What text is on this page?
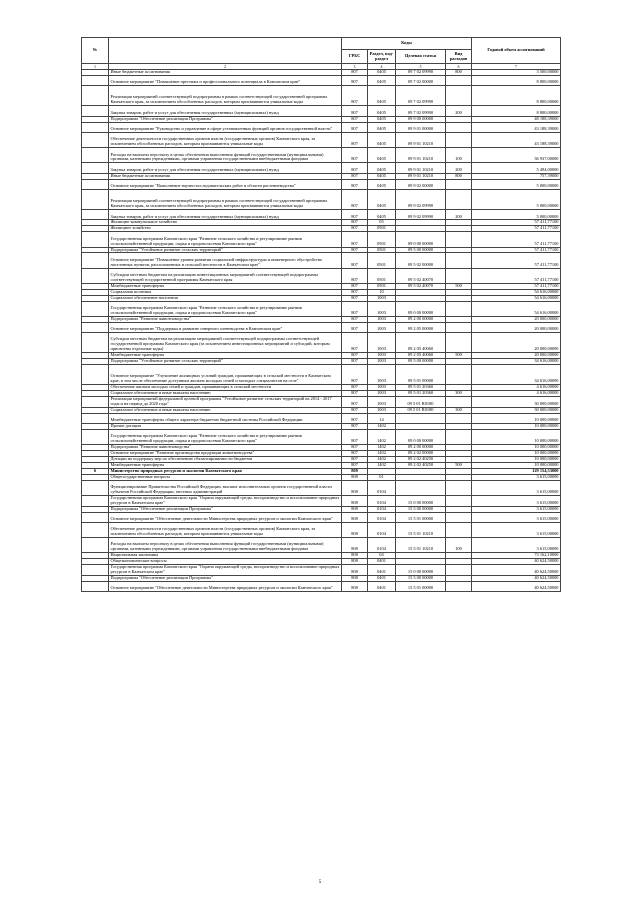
№		Коды				Годовой объем ассигнований
		ГРБС	Раздел, под-раздел	Целевая статья	Вид расходов	
1	2	3	4	5	6	7
	Иные бюджетные ассигнования	807	0405	09 7 02 09990	800	3 500,00000
	Основное мероприятие "Повышение престижа и профессионального потенциала в Камчатском крае"	807	0405	09 7 02 00000		8 800,00000
	Реализация мероприятий соответствующей подпрограммы в рамках соответствующей государственной программы Камчатского края, за исключением обособленных расходов, которым присваиваются уникальные коды	807	0405	09 7 02 09990		8 800,00000
	Закупка товаров, работ и услуг для обеспечения государственных (муниципальных) нужд	807	0405	09 7 02 09990	200	8 800,00000
	Подпрограмма "Обеспечение реализации Программы"	807	0405	09 9 00 00000		48 188,39000
	Основное мероприятие "Руководство и управление в сфере установленных функций органов государственной власти"	807	0405	09 9 01 00000		43 188,39000
	Обеспечение деятельности государственных органов власти (государственных органов) Камчатского края, за исключением обособленных расходов, которым присваиваются уникальные коды	807	0405	09 9 01 10210		43 188,39000
	Расходы на выплаты персоналу в целях обеспечения выполнения функций государственными (муниципальными) органами, казенными учреждениями, органами управления государственными внебюджетными фондами	807	0405	09 9 01 10210	100	36 937,00000
	Закупка товаров, работ и услуг для обеспечения государственных (муниципальных) нужд	807	0405	09 9 01 10210	200	5 494,00000
	Иные бюджетные ассигнования	807	0405	09 9 01 10210	800	757,39000
	Основное мероприятие "Выполнение научно-исследовательских работ в области растениеводства"	807	0405	09 9 02 00000		5 000,00000
	Реализация мероприятий соответствующей подпрограммы в рамках соответствующей государственной программы Камчатского края, за исключением обособленных расходов, которым присваиваются уникальные коды	807	0405	09 9 02 09990		5 000,00000
	Закупка товаров, работ и услуг для обеспечения государственных (муниципальных) нужд	807	0405	09 9 02 09990	200	5 000,00000
	Жилищно-коммунальное хозяйство	807	05			57 411,77100
	Жилищное хозяйство	807	0501			57 411,77100
	Государственная программа Камчатского края "Развитие сельского хозяйства и регулирование рынков сельскохозяйственной продукции, сырья и продовольствия Камчатского края"	807	0501	09 0 00 00000		57 411,77100
	Подпрограмма "Устойчивое развитие сельских территорий"	807	0501	09 5 00 00000		57 411,77100
	Основное мероприятие "Повышение уровня развития социальной инфраструктуры и инженерного обустройства населенных пунктов, расположенных в сельской местности в Камчатском крае"	807	0501	09 5 02 00000		57 411,77100
	Субсидии местным бюджетам на реализацию инвестиционных мероприятий соответствующей подпрограммы соответствующей государственной программы Камчатского края	807	0501	09 5 02 40070		57 411,77100
	Межбюджетные трансферты	807	0501	09 5 02 40070	500	57 411,77100
	Социальная политика	807	10			54 616,00000
	Социальное обеспечение населения	807	1003			54 616,00000
	Государственная программа Камчатского края "Развитие сельского хозяйства и регулирование рынков сельскохозяйственной продукции, сырья и продовольствия Камчатского края"	807	1003	09 0 00 00000		54 616,00000
	Подпрограмма "Развитие животноводства"	807	1003	09 2 00 00000		20 000,00000
	Основное мероприятие "Поддержка и развитие северного оленеводства в Камчатском крае"	807	1003	09 2 05 00000		20 000,00000
	Субсидии местным бюджетам на реализацию мероприятий соответствующей подпрограммы соответствующей государственной программы Камчатского края (за исключением инвестиционных мероприятий и субсидий, которым присвоены отдельные коды)	807	1003	09 2 05 40060		20 000,00000
	Межбюджетные трансферты	807	1003	09 2 05 40060	500	20 000,00000
	Подпрограмма "Устойчивое развитие сельских территорий"	807	1003	09 5 00 00000		34 616,00000
	Основное мероприятие "Улучшение жилищных условий граждан, проживающих в сельской местности в Камчатском крае, в том числе обеспечение доступным жильем молодых семей и молодых специалистов на селе"	807	1003	09 5 01 00000		34 616,00000
	Обеспечение жильем молодых семей и граждан, проживающих в сельской местности	807	1003	09 5 01 20360		4 616,00000
	Социальное обеспечение и иные выплаты населению	807	1003	09 5 01 20360	300	4 616,00000
	Реализация мероприятий федеральной целевой программы "Устойчивое развитие сельских территорий на 2014 - 2017 годы и на период до 2020 года"	807	1003	09 5 01 R0180		30 000,00000
	Социальное обеспечение и иные выплаты населению	807	1003	09 5 01 R0180	300	30 000,00000
	Межбюджетные трансферты общего характера бюджетам бюджетной системы Российской Федерации	807	14			10 000,00000
	Прочие дотации	807	1402			10 000,00000
	Государственная программа Камчатского края "Развитие сельского хозяйства и регулирование рынков сельскохозяйственной продукции, сырья и продовольствия Камчатского края"	807	1402	09 0 00 00000		10 000,00000
	Подпрограмма "Развитие животноводства"	807	1402	09 2 00 00000		10 000,00000
	Основное мероприятие "Развитие производства продукции животноводства"	807	1402	09 2 02 00000		10 000,00000
	Дотации на поддержку мер по обеспечению сбалансированности бюджетов	807	1402	09 2 02 40250		10 000,00000
	Межбюджетные трансферты	807	1402	09 2 02 40250	500	10 000,00000
6	Министерство природных ресурсов и экологии Камчатского края	808				129 154,53000
	Общегосударственные вопросы	808	01			3 615,00000
	Функционирование Правительства Российской Федерации, высших исполнительных органов государственной власти субъектов Российской Федерации, местных администраций	808	0104			3 615,00000
	Государственная программа Камчатского края "Охрана окружающей среды, воспроизводство и использование природных ресурсов в Камчатском крае"	808	0104	15 0 00 00000		3 615,00000
	Подпрограмма "Обеспечение реализации Программы"	808	0104	15 5 00 00000		3 615,00000
	Основное мероприятие "Обеспечение деятельности Министерства природных ресурсов и экологии Камчатского края"	808	0104	15 5 01 00000		3 615,00000
	Обеспечение деятельности государственных органов власти (государственных органов) Камчатского края, за исключением обособленных расходов, которым присваиваются уникальные коды	808	0104	15 5 01 10210		3 615,00000
	Расходы на выплаты персоналу в целях обеспечения выполнения функций государственными (муниципальными) органами, казенными учреждениями, органами управления государственными внебюджетными фондами	808	0104	15 5 01 10210	100	3 615,00000
	Национальная экономика	808	04			73 162,10000
	Общеэкономические вопросы	808	0401			40 624,50000
	Государственная программа Камчатского края "Охрана окружающей среды, воспроизводство и использование природных ресурсов в Камчатском крае"	808	0401	15 0 00 00000		40 624,50000
	Подпрограмма "Обеспечение реализации Программы"	808	0401	15 5 00 00000		40 624,50000
	Основное мероприятие "Обеспечение деятельности Министерства природных ресурсов и экологии Камчатского края"	808	0401	15 5 01 00000		40 624,50000
5
